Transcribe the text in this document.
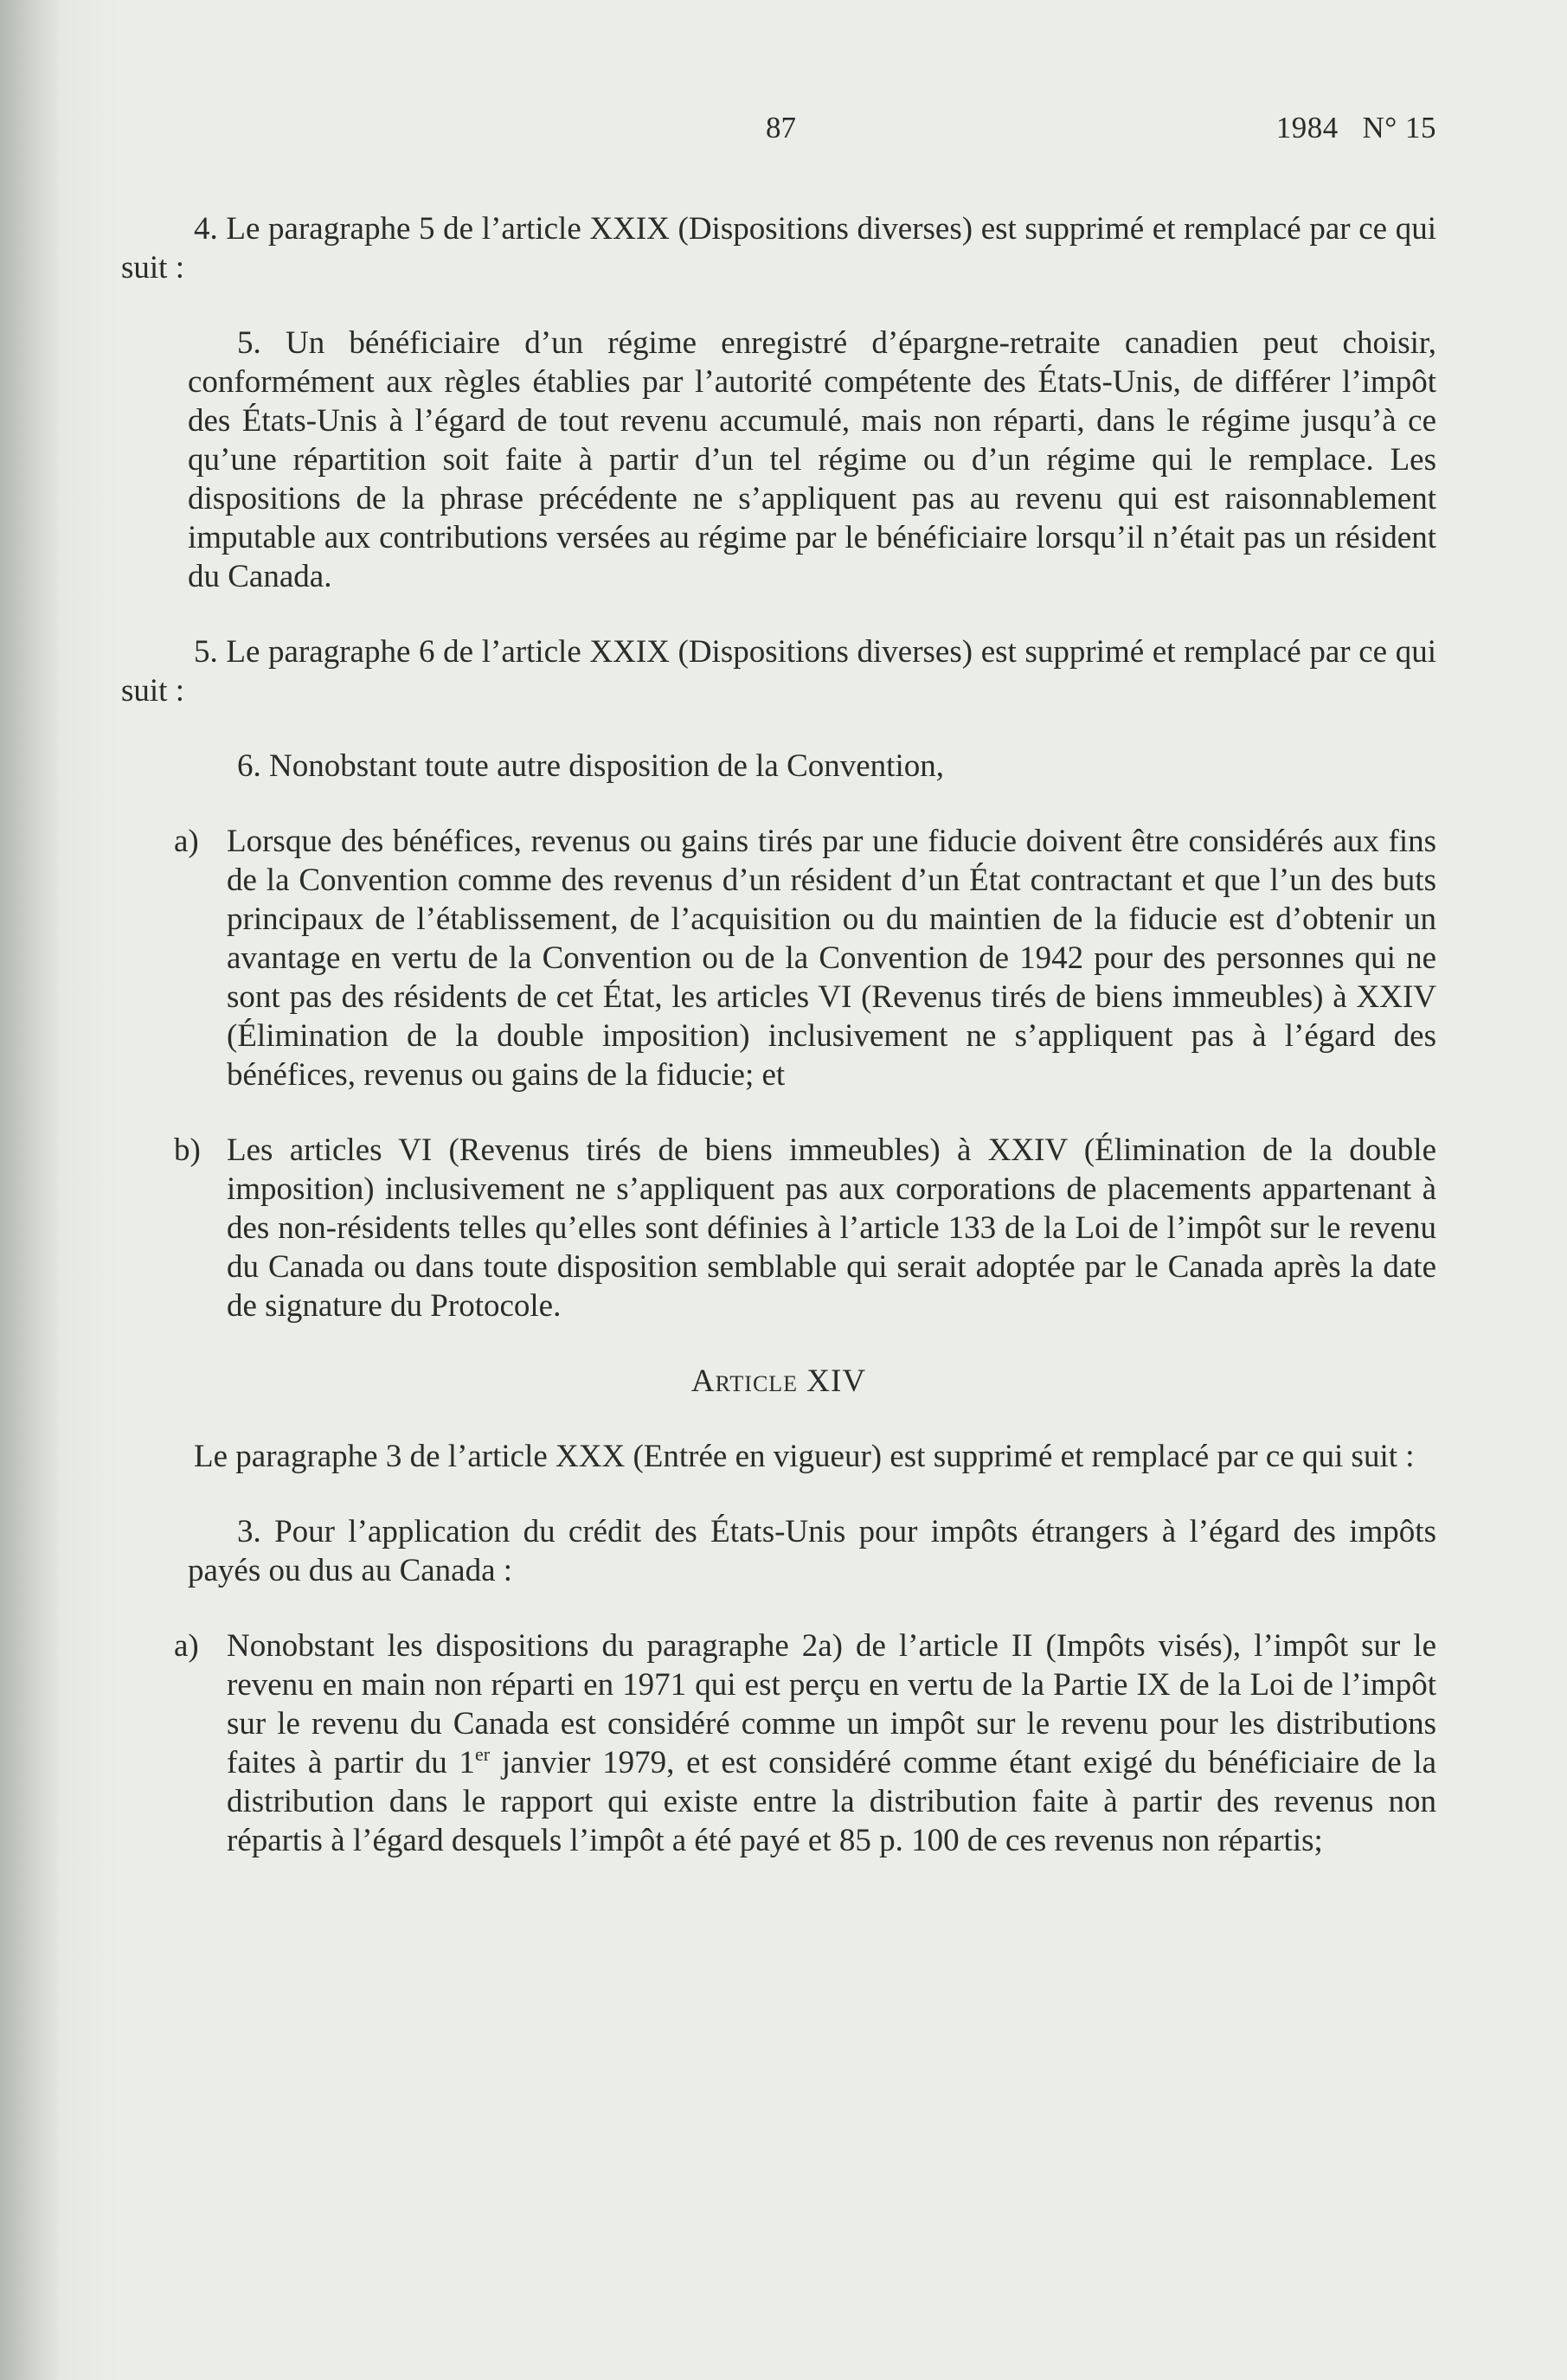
87	1984   N° 15

4. Le paragraphe 5 de l’article XXIX (Dispositions diverses) est supprimé et remplacé par ce qui suit :

5. Un bénéficiaire d’un régime enregistré d’épargne-retraite canadien peut choisir, conformément aux règles établies par l’autorité compétente des États-Unis, de différer l’impôt des États-Unis à l’égard de tout revenu accumulé, mais non réparti, dans le régime jusqu’à ce qu’une répartition soit faite à partir d’un tel régime ou d’un régime qui le remplace. Les dispositions de la phrase précédente ne s’appliquent pas au revenu qui est raisonnablement imputable aux contributions versées au régime par le bénéficiaire lorsqu’il n’était pas un résident du Canada.

5. Le paragraphe 6 de l’article XXIX (Dispositions diverses) est supprimé et remplacé par ce qui suit :

6. Nonobstant toute autre disposition de la Convention,

a) Lorsque des bénéfices, revenus ou gains tirés par une fiducie doivent être considérés aux fins de la Convention comme des revenus d’un résident d’un État contractant et que l’un des buts principaux de l’établissement, de l’acquisition ou du maintien de la fiducie est d’obtenir un avantage en vertu de la Convention ou de la Convention de 1942 pour des personnes qui ne sont pas des résidents de cet État, les articles VI (Revenus tirés de biens immeubles) à XXIV (Élimination de la double imposition) inclusivement ne s’appliquent pas à l’égard des bénéfices, revenus ou gains de la fiducie; et
b) Les articles VI (Revenus tirés de biens immeubles) à XXIV (Élimination de la double imposition) inclusivement ne s’appliquent pas aux corporations de placements appartenant à des non-résidents telles qu’elles sont définies à l’article 133 de la Loi de l’impôt sur le revenu du Canada ou dans toute disposition semblable qui serait adoptée par le Canada après la date de signature du Protocole.

Article XIV

Le paragraphe 3 de l’article XXX (Entrée en vigueur) est supprimé et remplacé par ce qui suit :

3. Pour l’application du crédit des États-Unis pour impôts étrangers à l’égard des impôts payés ou dus au Canada :

a) Nonobstant les dispositions du paragraphe 2a) de l’article II (Impôts visés), l’impôt sur le revenu en main non réparti en 1971 qui est perçu en vertu de la Partie IX de la Loi de l’impôt sur le revenu du Canada est considéré comme un impôt sur le revenu pour les distributions faites à partir du 1er janvier 1979, et est considéré comme étant exigé du bénéficiaire de la distribution dans le rapport qui existe entre la distribution faite à partir des revenus non répartis à l’égard desquels l’impôt a été payé et 85 p. 100 de ces revenus non répartis;
